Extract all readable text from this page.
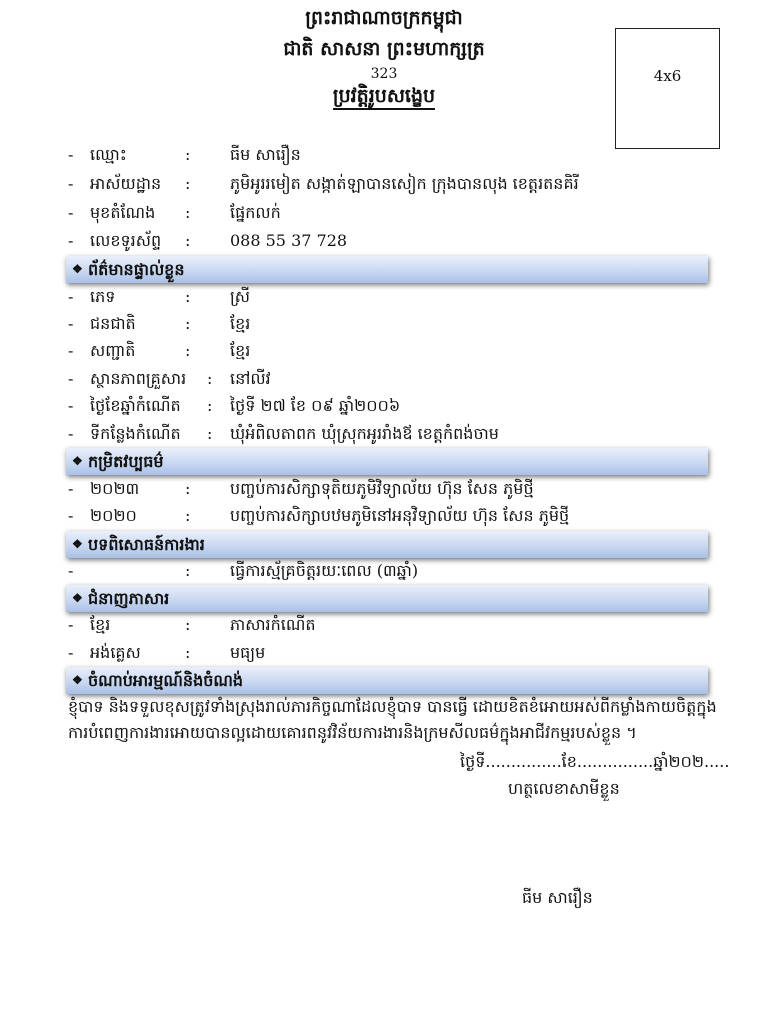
ព្រះរាជាណាចក្រកម្ពុជា
ជាតិ សាសនា ព្រះមហាក្សត្រ
323
ប្រវត្តិរូបសង្ខេប
4x6
-	ឈ្មោះ	: ធីម សារឿន
-	អាស័យដ្ឋាន : ភូមិអូររមៀត សង្កាត់ឡាបានសៀក ក្រុងបានលុង ខេត្តរតនគិរី
-	មុខតំណែង : ផ្នែកលក់
-	លេខទូរស័ព្ទ : 088 55 37 728
❖ ព័ត៌មានផ្ទាល់ខ្លួន
-	ភេទ	: ស្រី
-	ជនជាតិ	: ខ្មែរ
-	សញ្ជាតិ	: ខ្មែរ
-	ស្ថានភាពគ្រួសារ : នៅលីវ
-	ថ្ងៃខែឆ្នាំកំណើត : ថ្ងៃទី ២៧ ខែ ០៩ ឆ្នាំ២០០៦
-	ទីកន្លែងកំណើត : ឃុំអំពិលតាពក ឃុំស្រុកអូររាំងឪ ខេត្តកំពង់ចាម
❖ កម្រិតវប្បធម៌
-	២០២៣	: បញ្ចប់ការសិក្សាទុតិយភូមិវិទ្យាល័យ ហ៊ុន សែន ភូមិថ្មី
-	២០២០	: បញ្ចប់ការសិក្សាបឋមភូមិនៅអនុវិទ្យាល័យ ហ៊ុន សែន ភូមិថ្មី
❖ បទពិសោធន៍ការងារ
-	: ធ្វើការស្ម័គ្រចិត្តរយៈពេល (៣ឆ្នាំ)
❖ ជំនាញភាសារ
-	ខ្មែរ	: ភាសារកំណើត
-	អង់គ្លេស	: មធ្យម
❖ ចំណាប់អារម្មណ៍និងចំណង់
ខ្ញុំបាទ និងទទួលខុសត្រូវទាំងស្រុងរាល់ភារកិច្ចណាដែលខ្ញុំបាទ បានធ្វើ ដោយខិតខំអោយអស់ពីកម្លាំងកាយចិត្តក្នុងការបំពេញការងារអោយបានល្អដោយគោរពនូវវិន័យការងារនិងក្រមសីលធម៌ក្នុងអាជីវកម្មរបស់ខ្លួន ។
ថ្ងៃទី...............ខែ...............ឆ្នាំ២០២.....
ហត្ថលេខាសាមីខ្លួន
ធីម សារឿន
